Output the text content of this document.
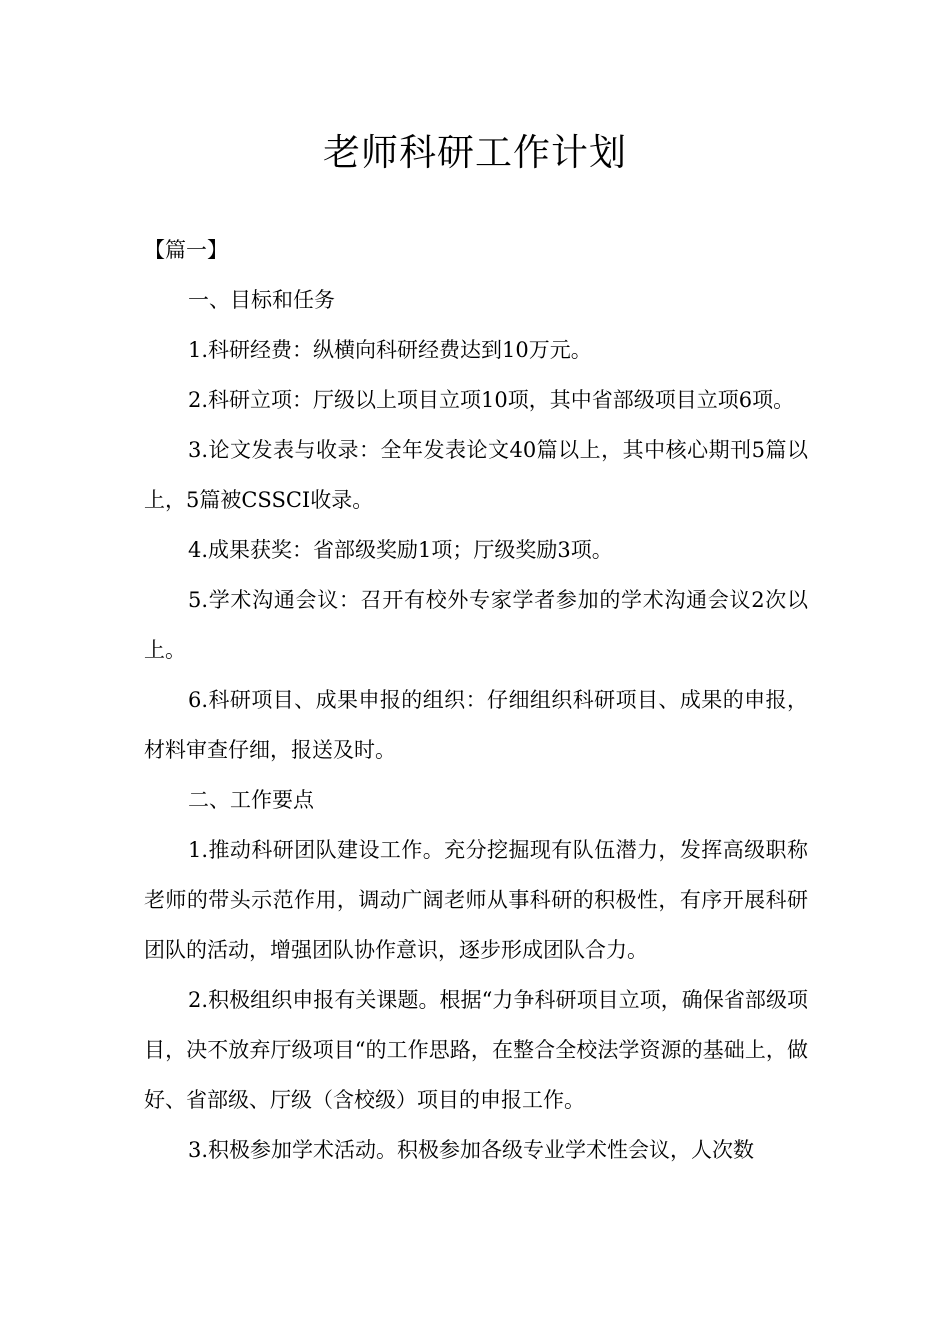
老师科研工作计划

【篇一】

一、目标和任务

1.科研经费：纵横向科研经费达到10万元。

2.科研立项：厅级以上项目立项10项，其中省部级项目立项6项。

3.论文发表与收录：全年发表论文40篇以上，其中核心期刊5篇以上，5篇被CSSCI收录。

4.成果获奖：省部级奖励1项；厅级奖励3项。

5.学术沟通会议：召开有校外专家学者参加的学术沟通会议2次以上。

6.科研项目、成果申报的组织：仔细组织科研项目、成果的申报，材料审查仔细，报送及时。

二、工作要点

1.推动科研团队建设工作。充分挖掘现有队伍潜力，发挥高级职称老师的带头示范作用，调动广阔老师从事科研的积极性，有序开展科研团队的活动，增强团队协作意识，逐步形成团队合力。

2.积极组织申报有关课题。根据“力争科研项目立项，确保省部级项目，决不放弃厅级项目“的工作思路，在整合全校法学资源的基础上，做好、省部级、厅级（含校级）项目的申报工作。

3.积极参加学术活动。积极参加各级专业学术性会议，人次数
